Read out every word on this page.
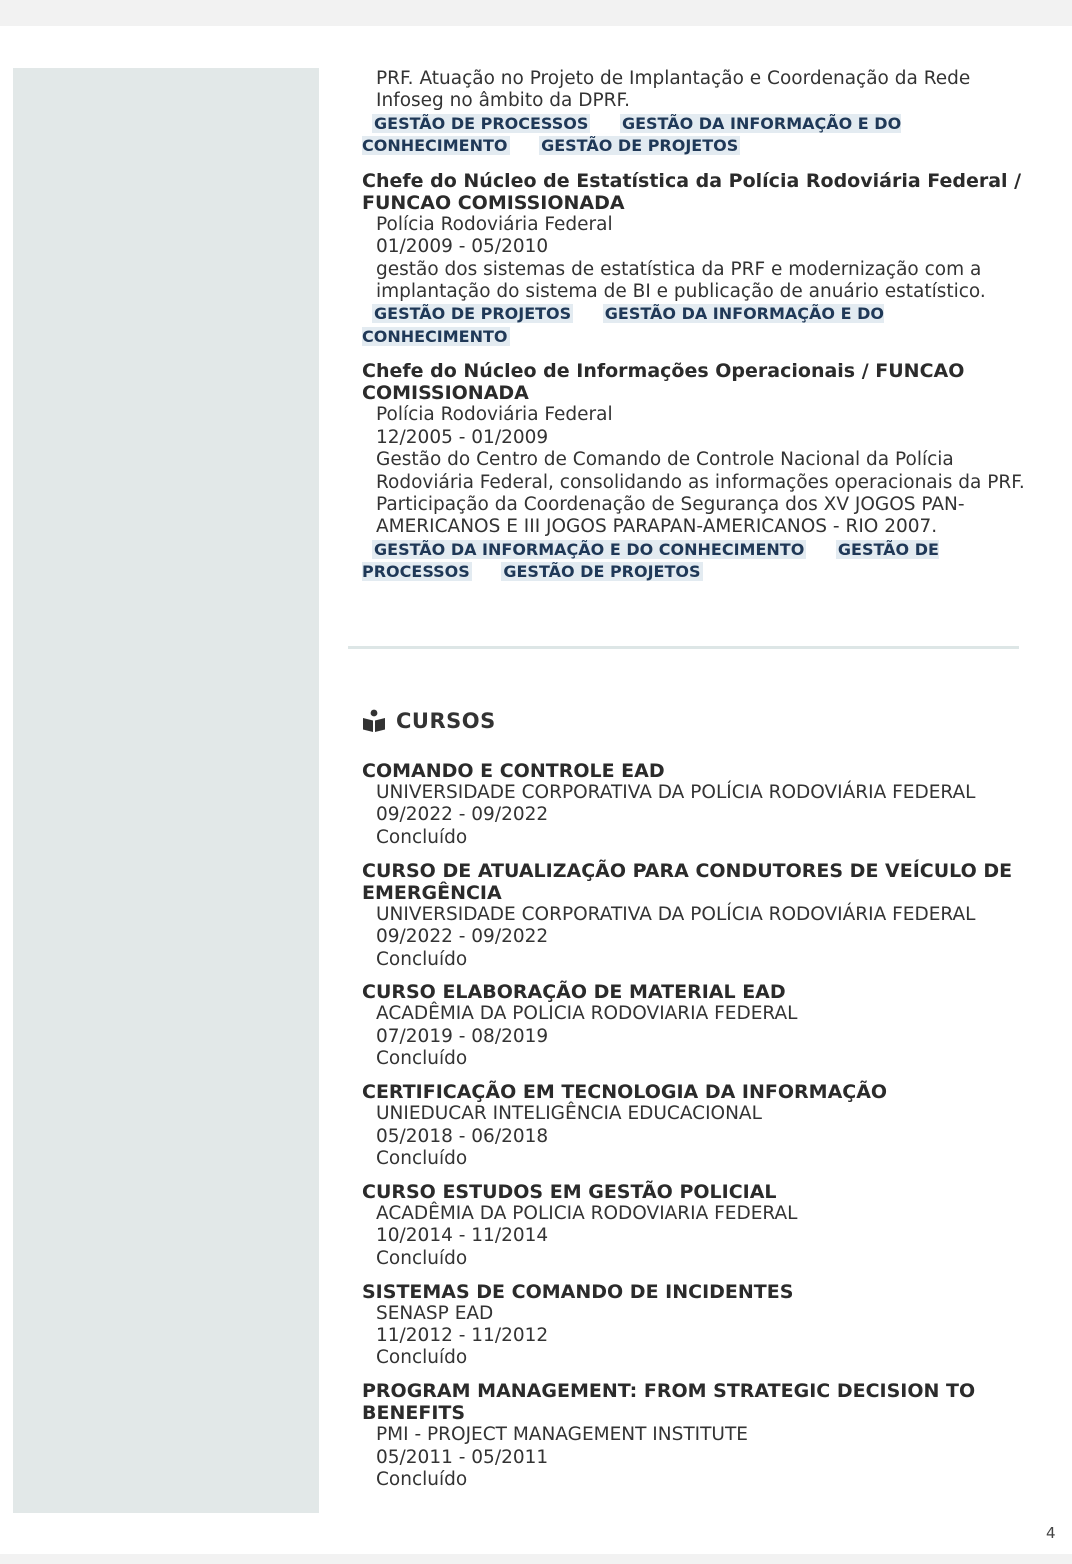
PRF. Atuação no Projeto de Implantação e Coordenação da Rede Infoseg no âmbito da DPRF.
GESTÃO DE PROCESSOS GESTÃO DA INFORMAÇÃO E DO CONHECIMENTO GESTÃO DE PROJETOS
Chefe do Núcleo de Estatística da Polícia Rodoviária Federal / FUNCAO COMISSIONADA
Polícia Rodoviária Federal
01/2009 - 05/2010
gestão dos sistemas de estatística da PRF e modernização com a implantação do sistema de BI e publicação de anuário estatístico.
GESTÃO DE PROJETOS GESTÃO DA INFORMAÇÃO E DO CONHECIMENTO
Chefe do Núcleo de Informações Operacionais / FUNCAO COMISSIONADA
Polícia Rodoviária Federal
12/2005 - 01/2009
Gestão do Centro de Comando de Controle Nacional da Polícia Rodoviária Federal, consolidando as informações operacionais da PRF. Participação da Coordenação de Segurança dos XV JOGOS PAN-AMERICANOS E III JOGOS PARAPAN-AMERICANOS - RIO 2007.
GESTÃO DA INFORMAÇÃO E DO CONHECIMENTO GESTÃO DE PROCESSOS GESTÃO DE PROJETOS
CURSOS
COMANDO E CONTROLE EAD
UNIVERSIDADE CORPORATIVA DA POLÍCIA RODOVIÁRIA FEDERAL
09/2022 - 09/2022
Concluído
CURSO DE ATUALIZAÇÃO PARA CONDUTORES DE VEÍCULO DE EMERGÊNCIA
UNIVERSIDADE CORPORATIVA DA POLÍCIA RODOVIÁRIA FEDERAL
09/2022 - 09/2022
Concluído
CURSO ELABORAÇÃO DE MATERIAL EAD
ACADÊMIA DA POLICIA RODOVIARIA FEDERAL
07/2019 - 08/2019
Concluído
CERTIFICAÇÃO EM TECNOLOGIA DA INFORMAÇÃO
UNIEDUCAR INTELIGÊNCIA EDUCACIONAL
05/2018 - 06/2018
Concluído
CURSO ESTUDOS EM GESTÃO POLICIAL
ACADÊMIA DA POLICIA RODOVIARIA FEDERAL
10/2014 - 11/2014
Concluído
SISTEMAS DE COMANDO DE INCIDENTES
SENASP EAD
11/2012 - 11/2012
Concluído
PROGRAM MANAGEMENT: FROM STRATEGIC DECISION TO BENEFITS
PMI - PROJECT MANAGEMENT INSTITUTE
05/2011 - 05/2011
Concluído
4
